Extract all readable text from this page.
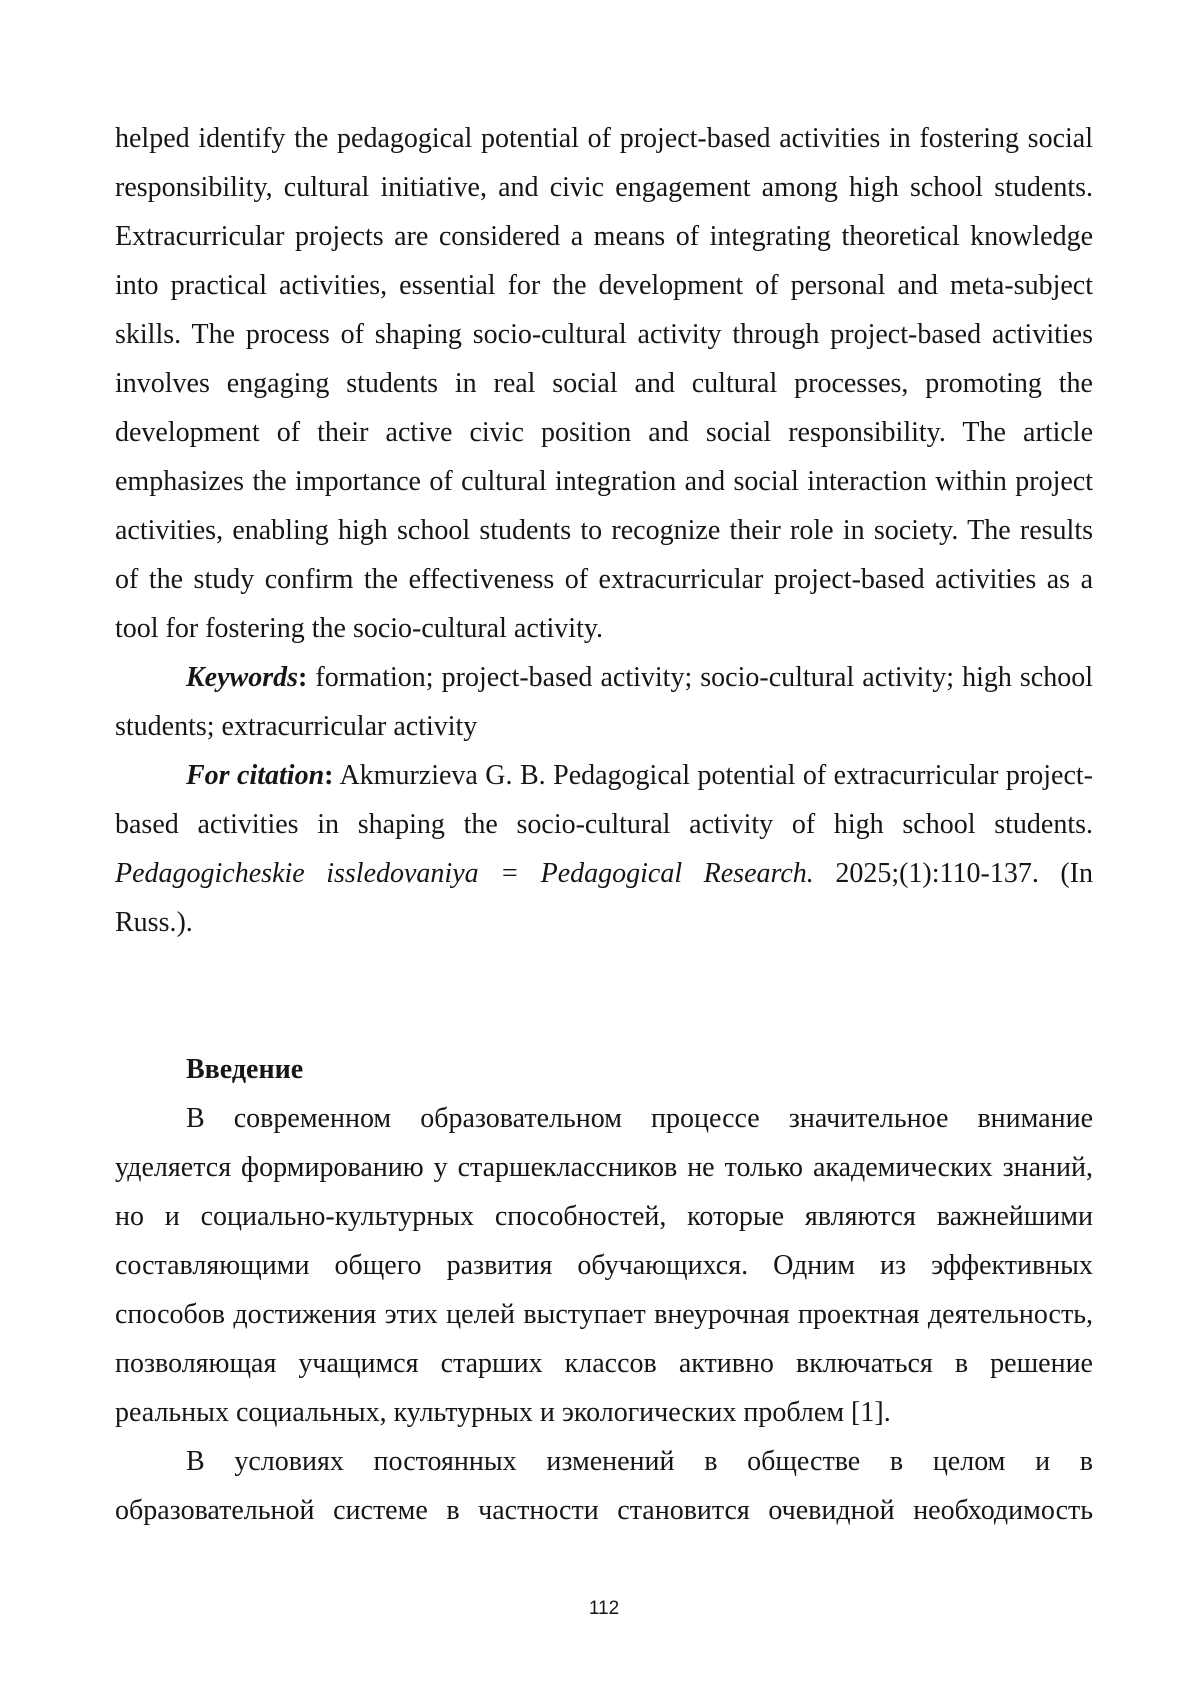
helped identify the pedagogical potential of project-based activities in fostering social
responsibility, cultural initiative, and civic engagement among high school students.
Extracurricular projects are considered a means of integrating theoretical knowledge
into practical activities, essential for the development of personal and meta-subject
skills. The process of shaping socio-cultural activity through project-based activities
involves engaging students in real social and cultural processes, promoting the
development of their active civic position and social responsibility. The article
emphasizes the importance of cultural integration and social interaction within project
activities, enabling high school students to recognize their role in society. The results
of the study confirm the effectiveness of extracurricular project-based activities as a
tool for fostering the socio-cultural activity.
Keywords: formation; project-based activity; socio-cultural activity; high school
students; extracurricular activity
For citation: Akmurzieva G. B. Pedagogical potential of extracurricular project-
based activities in shaping the socio-cultural activity of high school students.
Pedagogicheskie issledovaniya = Pedagogical Research. 2025;(1):110-137. (In
Russ.).
Введение
В современном образовательном процессе значительное внимание
уделяется формированию у старшеклассников не только академических знаний,
но и социально-культурных способностей, которые являются важнейшими
составляющими общего развития обучающихся. Одним из эффективных
способов достижения этих целей выступает внеурочная проектная деятельность,
позволяющая учащимся старших классов активно включаться в решение
реальных социальных, культурных и экологических проблем [1].
В условиях постоянных изменений в обществе в целом и в
образовательной системе в частности становится очевидной необходимость
112
